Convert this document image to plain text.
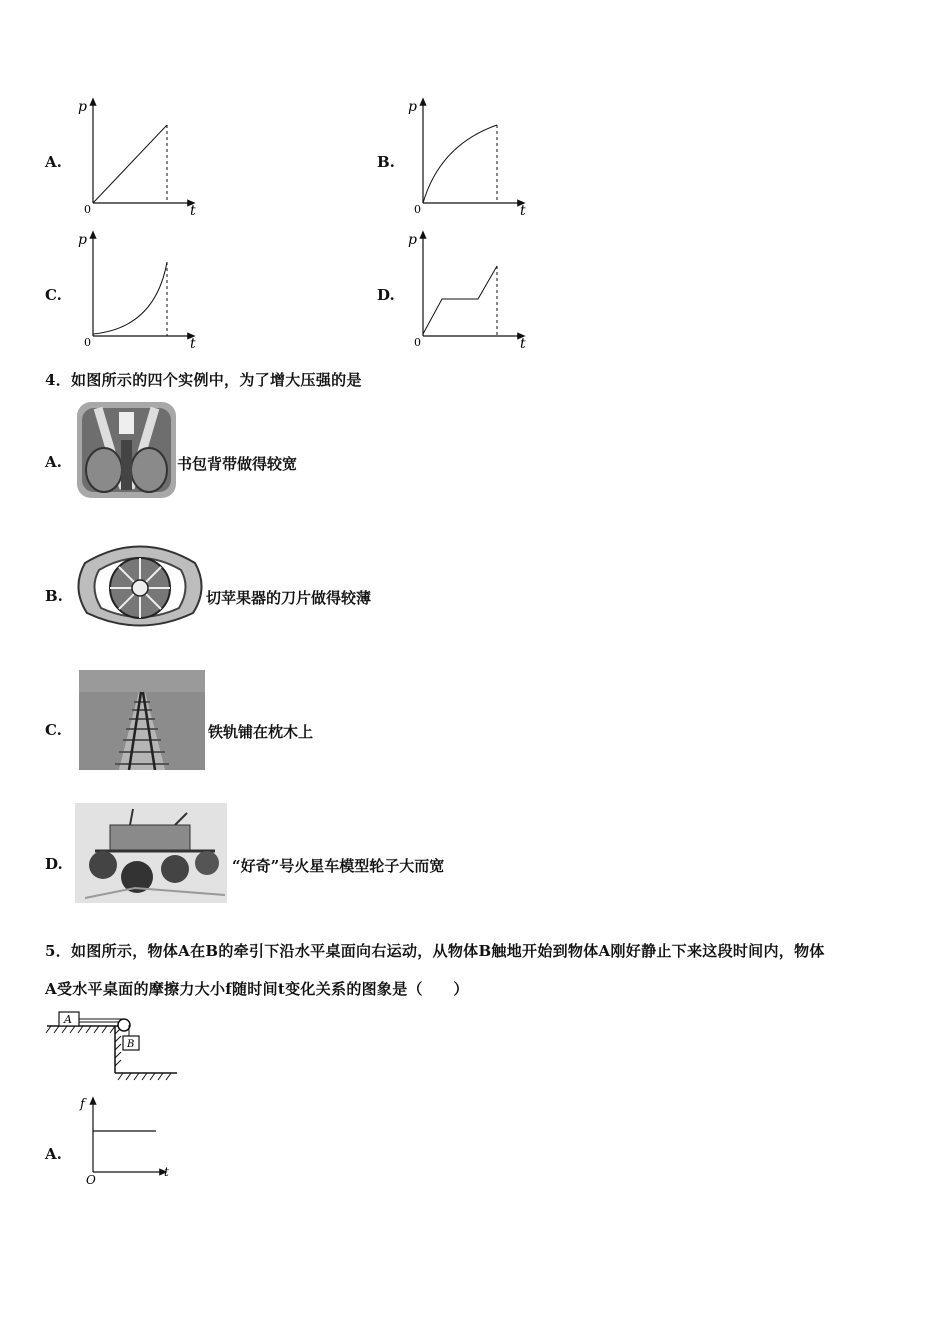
A.
p
t
0
B.
p
t
0
C.
p
t
0
D.
p
t
0
4．如图所示的四个实例中，为了增大压强的是
A.	书包背带做得较宽
B.	切苹果器的刀片做得较薄
C.	铁轨铺在枕木上
D.	“好奇”号火星车模型轮子大而宽
5．如图所示，物体A在B的牵引下沿水平桌面向右运动，从物体B触地开始到物体A刚好静止下来这段时间内，物体
A受水平桌面的摩擦力大小f随时间t变化关系的图象是（　　）
A
B
A.
f
t
O
